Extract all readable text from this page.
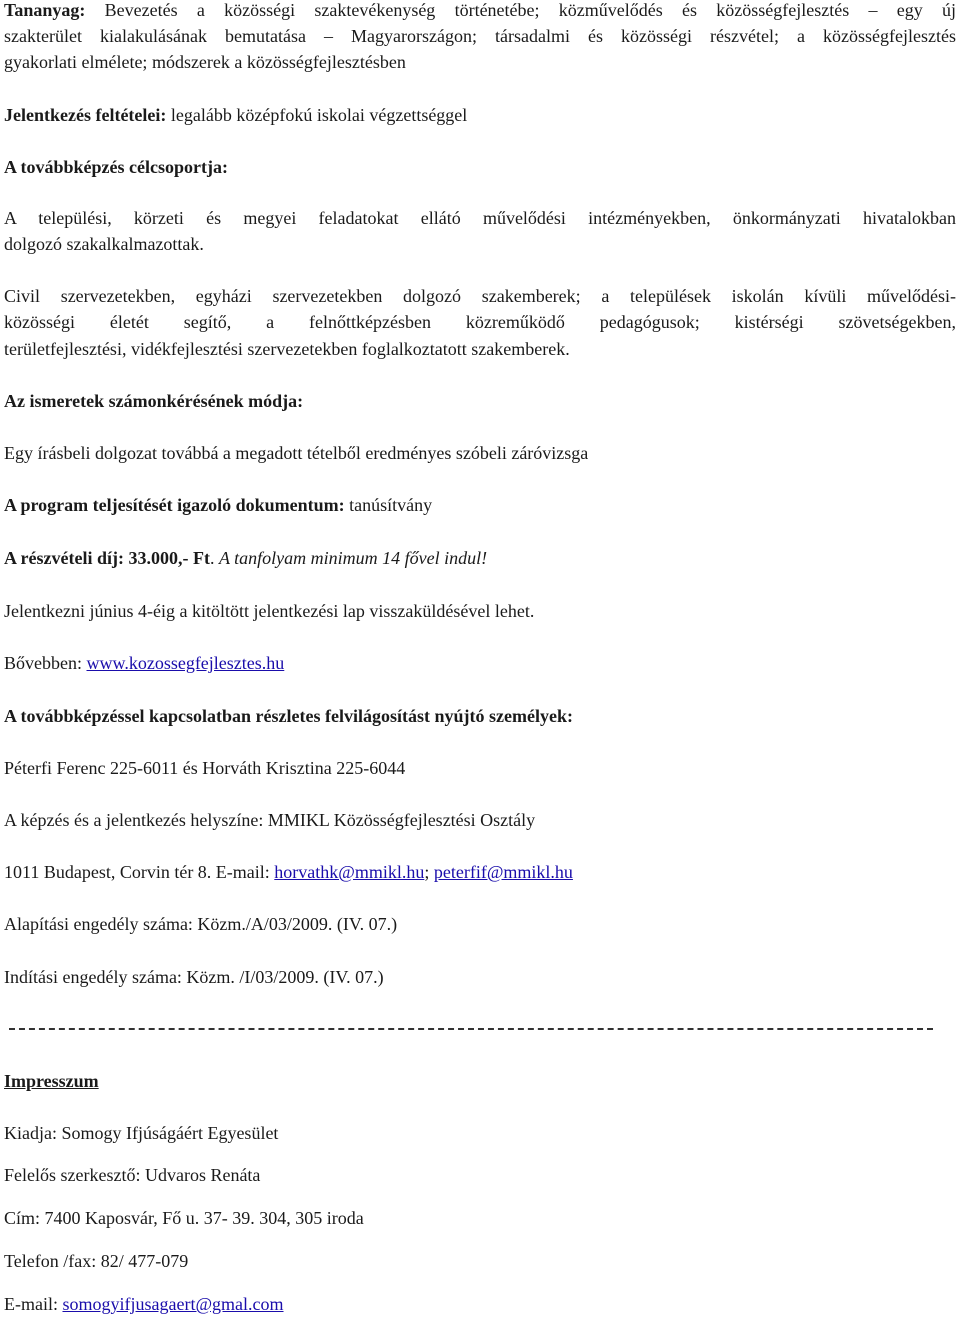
Tananyag: Bevezetés a közösségi szaktevékenység történetébe; közművelődés és közösségfejlesztés – egy új

szakterület kialakulásának bemutatása – Magyarországon; társadalmi és közösségi részvétel; a közösségfejlesztés

gyakorlati elmélete; módszerek a közösségfejlesztésben

Jelentkezés feltételei: legalább középfokú iskolai végzettséggel

A továbbképzés célcsoportja:

A települési, körzeti és megyei feladatokat ellátó művelődési intézményekben, önkormányzati hivatalokban

dolgozó szakalkalmazottak.

Civil szervezetekben, egyházi szervezetekben dolgozó szakemberek; a települések iskolán kívüli művelődési-

közösségi életét segítő, a felnőttképzésben közreműködő pedagógusok; kistérségi szövetségekben,

területfejlesztési, vidékfejlesztési szervezetekben foglalkoztatott szakemberek.

Az ismeretek számonkérésének módja:

Egy írásbeli dolgozat továbbá a megadott tételből eredményes szóbeli záróvizsga

A program teljesítését igazoló dokumentum: tanúsítvány

A részvételi díj: 33.000,- Ft. A tanfolyam minimum 14 fővel indul!

Jelentkezni június 4-éig a kitöltött jelentkezési lap visszaküldésével lehet.

Bővebben: www.kozossegfejlesztes.hu

A továbbképzéssel kapcsolatban részletes felvilágosítást nyújtó személyek:

Péterfi Ferenc 225-6011 és Horváth Krisztina 225-6044

A képzés és a jelentkezés helyszíne: MMIKL Közösségfejlesztési Osztály

1011 Budapest, Corvin tér 8. E-mail: horvathk@mmikl.hu; peterfif@mmikl.hu

Alapítási engedély száma: Közm./A/03/2009. (IV. 07.)

Indítási engedély száma: Közm. /I/03/2009. (IV. 07.)

Impresszum

Kiadja: Somogy Ifjúságáért Egyesület

Felelős szerkesztő: Udvaros Renáta

Cím: 7400 Kaposvár, Fő u. 37- 39. 304, 305 iroda

Telefon /fax: 82/ 477-079

E-mail: somogyifjusagaert@gmal.com
